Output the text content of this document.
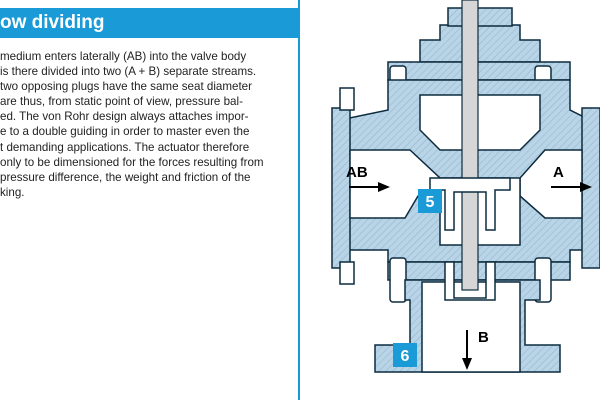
ow dividing

medium enters laterally (AB) into the valve body
is there divided into two (A + B) separate streams.
two opposing plugs have the same seat diameter
are thus, from static point of view, pressure bal-
ed. The von Rohr design always attaches impor-
e to a double guiding in order to master even the
t demanding applications. The actuator therefore
only to be dimensioned for the forces resulting from
pressure difference, the weight and friction of the
king.

AB	A
B
5
6
